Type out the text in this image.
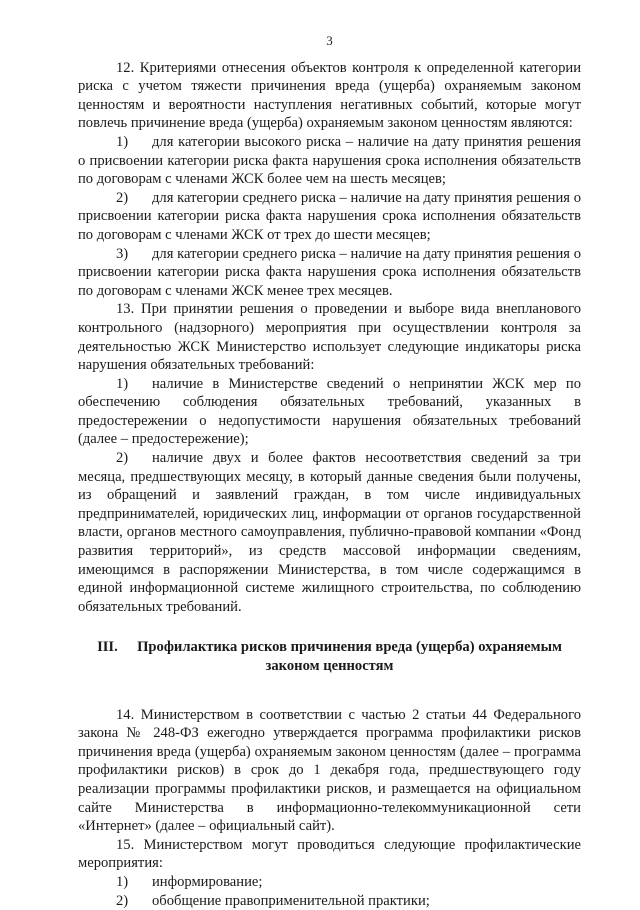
3

12. Критериями отнесения объектов контроля к определенной категории риска с учетом тяжести причинения вреда (ущерба) охраняемым законом ценностям и вероятности наступления негативных событий, которые могут повлечь причинение вреда (ущерба) охраняемым законом ценностям являются:

1) для категории высокого риска – наличие на дату принятия решения о присвоении категории риска факта нарушения срока исполнения обязательств по договорам с членами ЖСК более чем на шесть месяцев;

2) для категории среднего риска – наличие на дату принятия решения о присвоении категории риска факта нарушения срока исполнения обязательств по договорам с членами ЖСК от трех до шести месяцев;

3) для категории среднего риска – наличие на дату принятия решения о присвоении категории риска факта нарушения срока исполнения обязательств по договорам с членами ЖСК менее трех месяцев.

13. При принятии решения о проведении и выборе вида внепланового контрольного (надзорного) мероприятия при осуществлении контроля за деятельностью ЖСК Министерство использует следующие индикаторы риска нарушения обязательных требований:

1) наличие в Министерстве сведений о непринятии ЖСК мер по обеспечению соблюдения обязательных требований, указанных в предостережении о недопустимости нарушения обязательных требований (далее – предостережение);

2) наличие двух и более фактов несоответствия сведений за три месяца, предшествующих месяцу, в который данные сведения были получены, из обращений и заявлений граждан, в том числе индивидуальных предпринимателей, юридических лиц, информации от органов государственной власти, органов местного самоуправления, публично-правовой компании «Фонд развития территорий», из средств массовой информации сведениям, имеющимся в распоряжении Министерства, в том числе содержащимся в единой информационной системе жилищного строительства, по соблюдению обязательных требований.

III. Профилактика рисков причинения вреда (ущерба) охраняемым законом ценностям

14. Министерством в соответствии с частью 2 статьи 44 Федерального закона № 248-ФЗ ежегодно утверждается программа профилактики рисков причинения вреда (ущерба) охраняемым законом ценностям (далее – программа профилактики рисков) в срок до 1 декабря года, предшествующего году реализации программы профилактики рисков, и размещается на официальном сайте Министерства в информационно-телекоммуникационной сети «Интернет» (далее – официальный сайт).

15. Министерством могут проводиться следующие профилактические мероприятия:

1) информирование;

2) обобщение правоприменительной практики;
